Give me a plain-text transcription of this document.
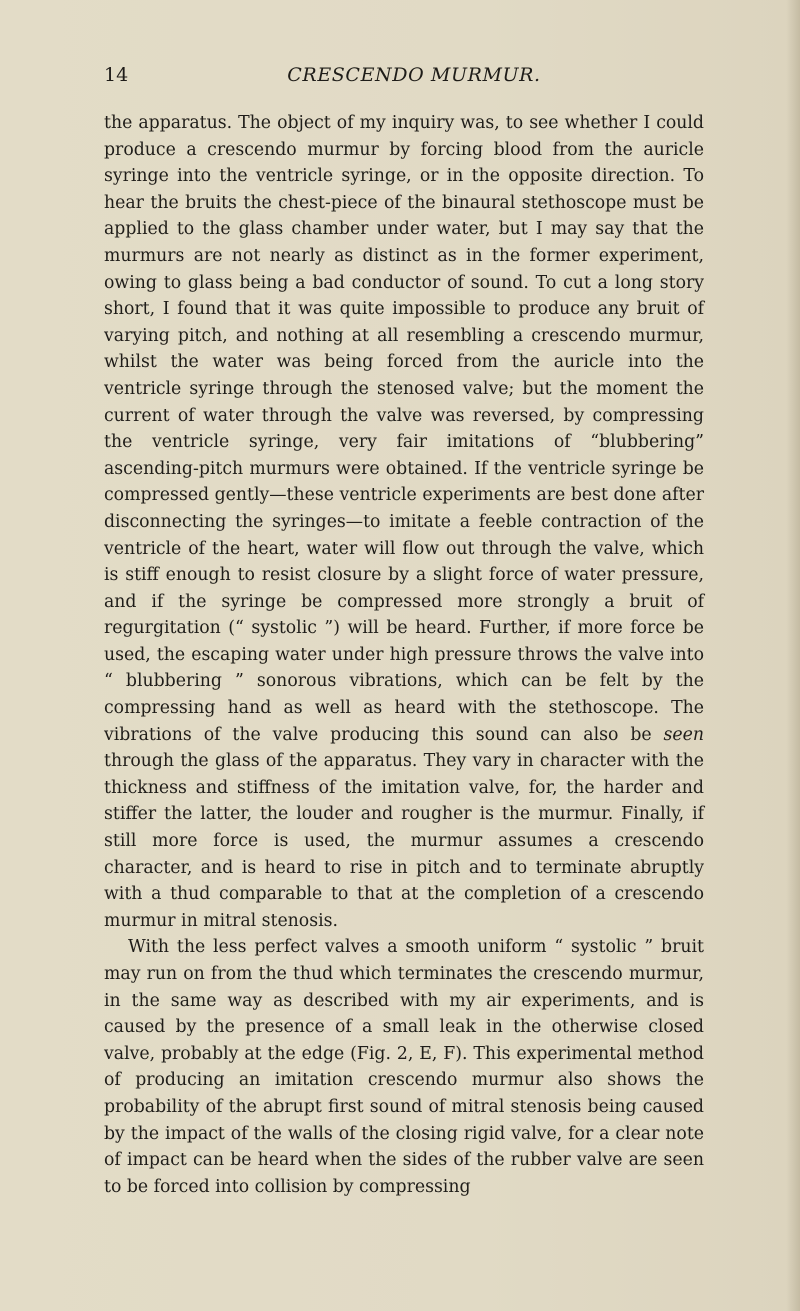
14	CRESCENDO MURMUR.

the apparatus. The object of my inquiry was, to see whether I could produce a crescendo murmur by forcing blood from the auricle syringe into the ventricle syringe, or in the opposite direction. To hear the bruits the chest-piece of the binaural stethoscope must be applied to the glass chamber under water, but I may say that the murmurs are not nearly as distinct as in the former experiment, owing to glass being a bad conductor of sound. To cut a long story short, I found that it was quite impossible to produce any bruit of varying pitch, and nothing at all resembling a crescendo murmur, whilst the water was being forced from the auricle into the ventricle syringe through the stenosed valve; but the moment the current of water through the valve was reversed, by compressing the ventricle syringe, very fair imitations of “blubbering” ascending-pitch murmurs were obtained. If the ventricle syringe be compressed gently—these ventricle experiments are best done after disconnecting the syringes—to imitate a feeble contraction of the ventricle of the heart, water will flow out through the valve, which is stiff enough to resist closure by a slight force of water pressure, and if the syringe be compressed more strongly a bruit of regurgitation (“ systolic ”) will be heard. Further, if more force be used, the escaping water under high pressure throws the valve into “ blubbering ” sonorous vibrations, which can be felt by the compressing hand as well as heard with the stethoscope. The vibrations of the valve producing this sound can also be seen through the glass of the apparatus. They vary in character with the thickness and stiffness of the imitation valve, for, the harder and stiffer the latter, the louder and rougher is the murmur. Finally, if still more force is used, the murmur assumes a crescendo character, and is heard to rise in pitch and to terminate abruptly with a thud comparable to that at the completion of a crescendo murmur in mitral stenosis.

With the less perfect valves a smooth uniform “ systolic ” bruit may run on from the thud which terminates the crescendo murmur, in the same way as described with my air experiments, and is caused by the presence of a small leak in the otherwise closed valve, probably at the edge (Fig. 2, E, F). This experimental method of producing an imitation crescendo murmur also shows the probability of the abrupt first sound of mitral stenosis being caused by the impact of the walls of the closing rigid valve, for a clear note of impact can be heard when the sides of the rubber valve are seen to be forced into collision by compressing
